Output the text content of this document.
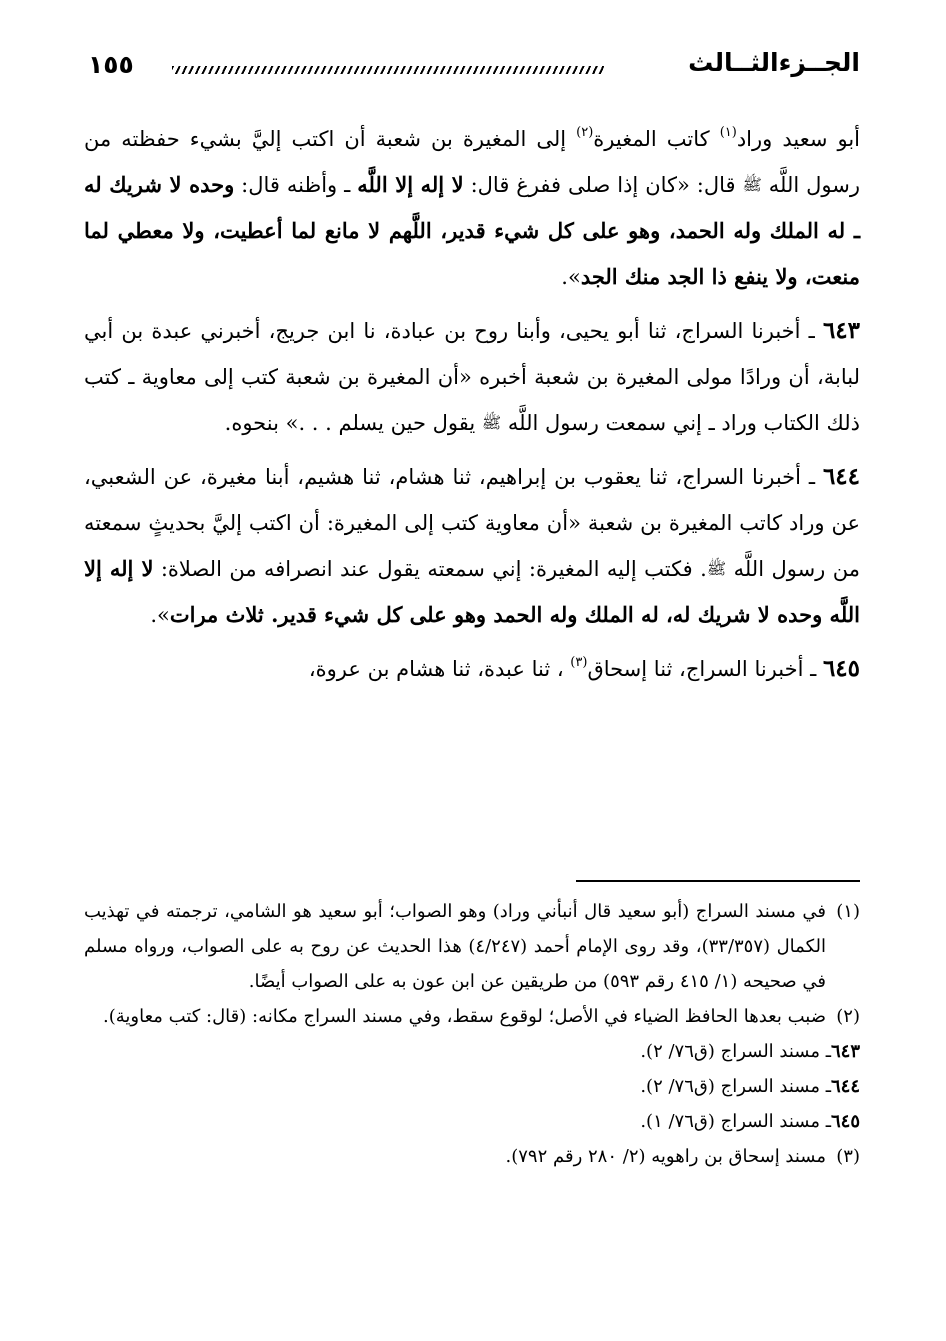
الجــزءالثــالث
١٥٥

أبو سعيد وراد$^{(١)}$ كاتب المغيرة$^{(٢)}$ إلى المغيرة بن شعبة أن اكتب إليَّ بشيء حفظته من رسول اللَّه ﷺ قال: «كان إذا صلى ففرغ قال: لا إله إلا اللَّه ـ وأظنه قال: وحده لا شريك له ـ له الملك وله الحمد، وهو على كل شيء قدير، اللَّهم لا مانع لما أعطيت، ولا معطي لما منعت، ولا ينفع ذا الجد منك الجد».

٦٤٣ ـ أخبرنا السراج، ثنا أبو يحيى، وأبنا روح بن عبادة، نا ابن جريج، أخبرني عبدة بن أبي لبابة، أن ورادًا مولى المغيرة بن شعبة أخبره «أن المغيرة بن شعبة كتب إلى معاوية ـ كتب ذلك الكتاب وراد ـ إني سمعت رسول اللَّه ﷺ يقول حين يسلم . . .» بنحوه.

٦٤٤ ـ أخبرنا السراج، ثنا يعقوب بن إبراهيم، ثنا هشام، ثنا هشيم، أبنا مغيرة، عن الشعبي، عن وراد كاتب المغيرة بن شعبة «أن معاوية كتب إلى المغيرة: أن اكتب إليَّ بحديثٍ سمعته من رسول اللَّه ﷺ. فكتب إليه المغيرة: إني سمعته يقول عند انصرافه من الصلاة: لا إله إلا اللَّه وحده لا شريك له، له الملك وله الحمد وهو على كل شيء قدير. ثلاث مرات».

٦٤٥ ـ أخبرنا السراج، ثنا إسحاق$^{(٣)}$ ، ثنا عبدة، ثنا هشام بن عروة،

(١)
في مسند السراج (أبو سعيد قال أنبأني وراد) وهو الصواب؛ أبو سعيد هو الشامي، ترجمته في تهذيب الكمال (٣٣/٣٥٧)، وقد روى الإمام أحمد (٤/٢٤٧) هذا الحديث عن روح به على الصواب، ورواه مسلم في صحيحه (١/ ٤١٥ رقم ٥٩٣) من طريقين عن ابن عون به على الصواب أيضًا.

(٢)
ضبب بعدها الحافظ الضياء في الأصل؛ لوقوع سقط، وفي مسند السراج مكانه: (قال: كتب معاوية).

٦٤٣ـ مسند السراج (ق٧٦/ ٢).

٦٤٤ـ مسند السراج (ق٧٦/ ٢).

٦٤٥ـ مسند السراج (ق٧٦/ ١).

(٣)
مسند إسحاق بن راهويه (٢/ ٢٨٠ رقم ٧٩٢).
